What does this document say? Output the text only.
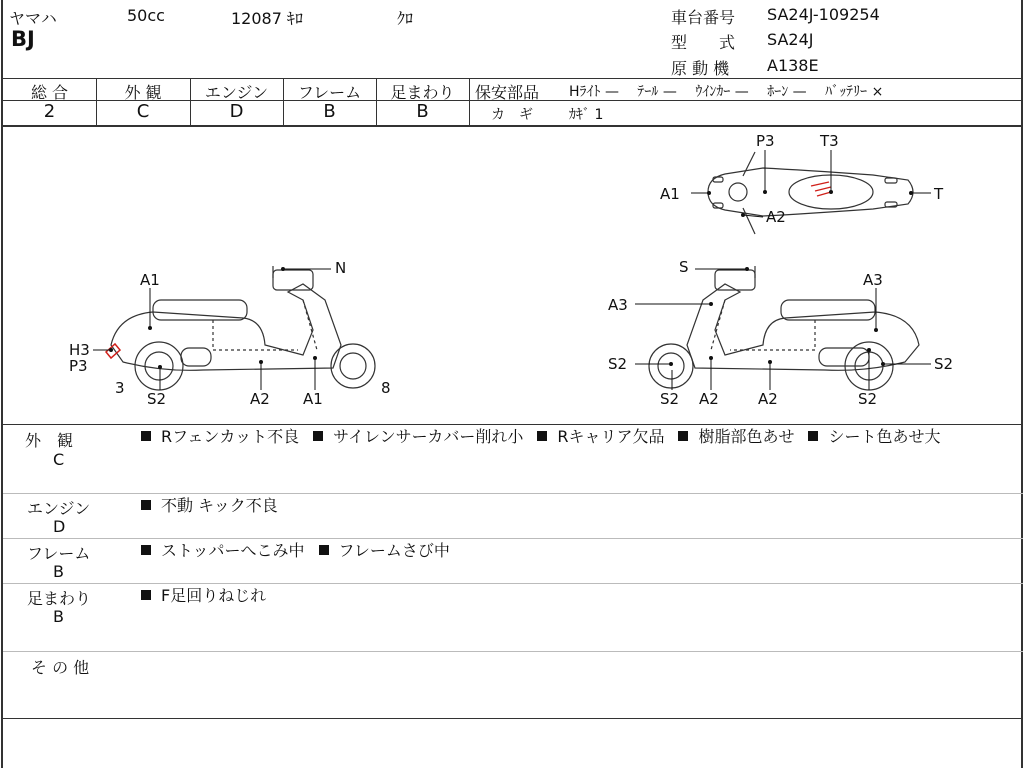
ヤマハ	50cc	12087 ｷﾛ	ｸﾛ
BJ
車台番号 SA24J-109254
型　　式 SA24J
原 動 機 A138E
総 合
2
外 観
C
エンジン
D
フレーム
B
足まわり
B
保安部品 Hﾗｲﾄ —　 ﾃｰﾙ —　 ｳｲﾝｶｰ —　 ﾎｰﾝ —　 ﾊﾞｯﾃﾘｰ ×
カ　ギ	ｶｷﾞ 1
P3	T3
A1	T
A2
A1
N
H3
P3
3
S2	A2 A1
8
S
A3
A3
S2	S2
S2 A2	A2	S2
外　観
C
Rフェンカット不良 サイレンサーカバー削れ小 Rキャリア欠品 樹脂部色あせ シート色あせ大
エンジン
D
不動 キック不良
フレーム
B
ストッパーへこみ中 フレームさび中
足まわり
B
F足回りねじれ
そ の 他
